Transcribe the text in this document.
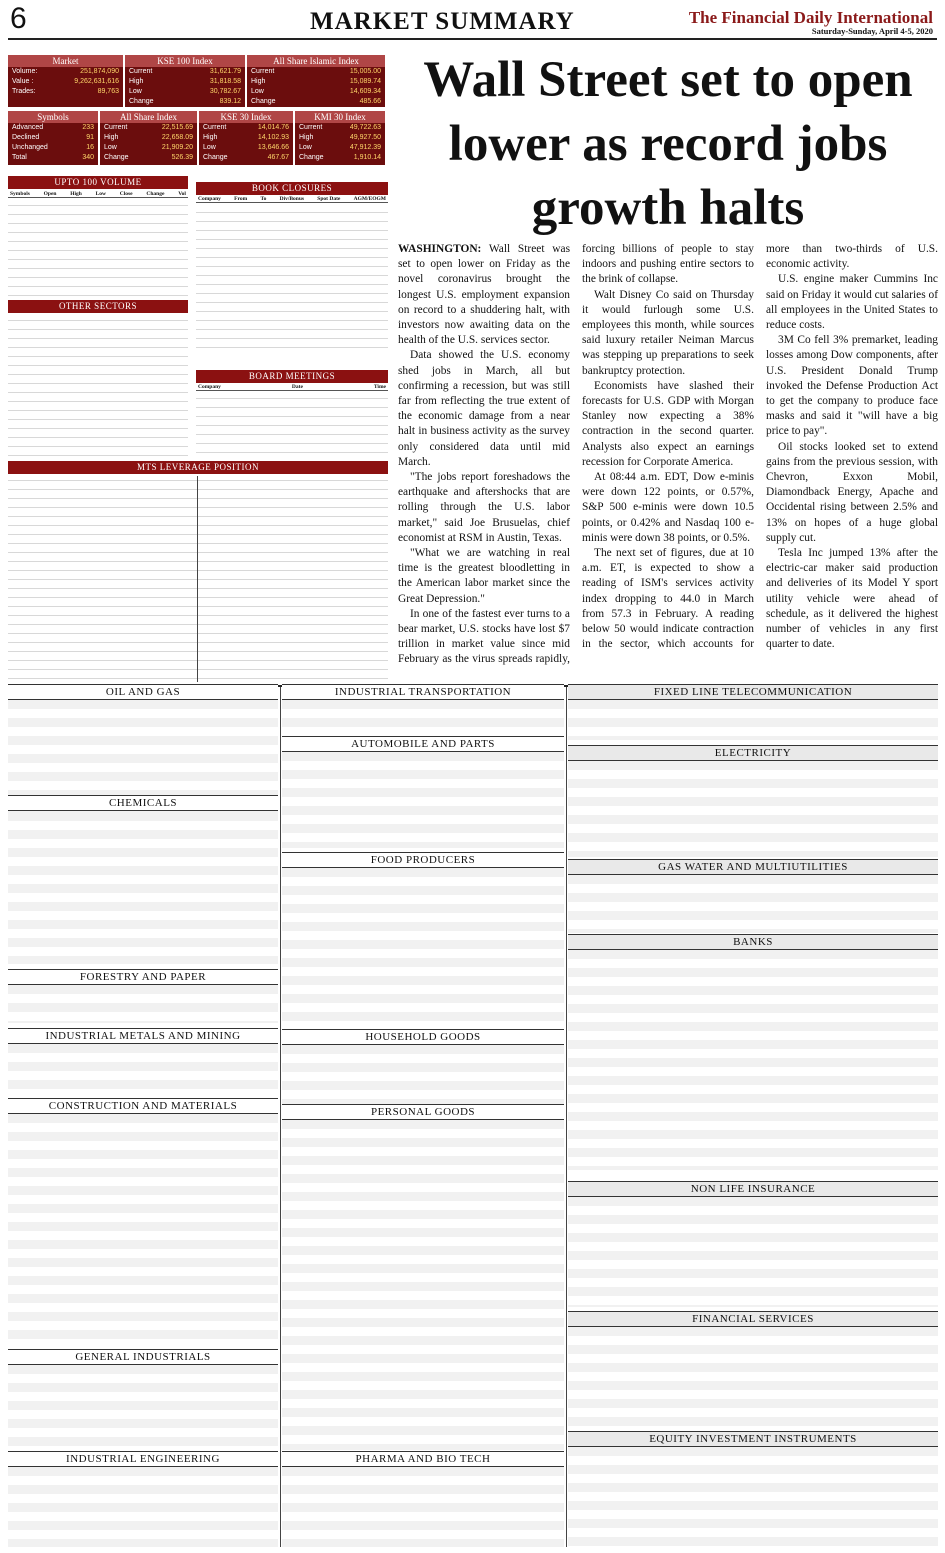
6	MARKET SUMMARY	The Financial Daily International
Saturday-Sunday, April 4-5, 2020
Market
Volume:	251,874,090
Value :	9,262,631,616
Trades:	89,763
KSE 100 Index
Current	31,621.79
High	31,818.58
Low	30,782.67
Change	839.12
All Share Islamic Index
Current	15,005.00
High	15,089.74
Low	14,609.34
Change	485.66
Symbols
Advanced	233
Declined	91
Unchanged	16
Total	340
All Share Index
Current	22,515.69
High	22,658.09
Low	21,909.20
Change	526.39
KSE 30 Index
Current	14,014.76
High	14,102.93
Low	13,646.66
Change	467.67
KMI 30 Index
Current	49,722.63
High	49,927.50
Low	47,912.39
Change	1,910.14
UPTO 100 VOLUME
Symbols	Open	High	Low	Close	Change	Vol
OTHER SECTORS
BOOK CLOSURES
Company From To Div/Bonus Spot Date AGM/EOGM
BOARD MEETINGS
Company	Date	Time
MTS LEVERAGE POSITION
Wall Street set to open lower as record jobs growth halts

WASHINGTON: Wall Street was set to open lower on Friday as the novel coronavirus brought the longest U.S. employment expansion on record to a shuddering halt, with investors now awaiting data on the health of the U.S. services sector.

Data showed the U.S. economy shed jobs in March, all but confirming a recession, but was still far from reflecting the true extent of the economic damage from a near halt in business activity as the survey only considered data until mid March.

"The jobs report foreshadows the earthquake and aftershocks that are rolling through the U.S. labor market," said Joe Brusuelas, chief economist at RSM in Austin, Texas.

"What we are watching in real time is the greatest bloodletting in the American labor market since the Great Depression."

In one of the fastest ever turns to a bear market, U.S. stocks have lost $7 trillion in market value since mid February as the virus spreads rapidly, forcing billions of people to stay indoors and pushing entire sectors to the brink of collapse.

Walt Disney Co said on Thursday it would furlough some U.S. employees this month, while sources said luxury retailer Neiman Marcus was stepping up preparations to seek bankruptcy protection.

Economists have slashed their forecasts for U.S. GDP with Morgan Stanley now expecting a 38% contraction in the second quarter. Analysts also expect an earnings recession for Corporate America.

At 08:44 a.m. EDT, Dow e-minis were down 122 points, or 0.57%, S&P 500 e-minis were down 10.5 points, or 0.42% and Nasdaq 100 e-minis were down 38 points, or 0.5%.

The next set of figures, due at 10 a.m. ET, is expected to show a reading of ISM's services activity index dropping to 44.0 in March from 57.3 in February. A reading below 50 would indicate contraction in the sector, which accounts for more than two-thirds of U.S. economic activity.

U.S. engine maker Cummins Inc said on Friday it would cut salaries of all employees in the United States to reduce costs.

3M Co fell 3% premarket, leading losses among Dow components, after U.S. President Donald Trump invoked the Defense Production Act to get the company to produce face masks and said it "will have a big price to pay".

Oil stocks looked set to extend gains from the previous session, with Chevron, Exxon Mobil, Diamondback Energy, Apache and Occidental rising between 2.5% and 13% on hopes of a huge global supply cut.

Tesla Inc jumped 13% after the electric-car maker said production and deliveries of its Model Y sport utility vehicle were ahead of schedule, as it delivered the highest number of vehicles in any first quarter to date.

OIL AND GAS
CHEMICALS
FORESTRY AND PAPER
INDUSTRIAL METALS AND MINING
CONSTRUCTION AND MATERIALS
GENERAL INDUSTRIALS
INDUSTRIAL ENGINEERING
INDUSTRIAL TRANSPORTATION
AUTOMOBILE AND PARTS
FOOD PRODUCERS
HOUSEHOLD GOODS
PERSONAL GOODS
PHARMA AND BIO TECH
FIXED LINE TELECOMMUNICATION
ELECTRICITY
GAS WATER AND MULTIUTILITIES
BANKS
NON LIFE INSURANCE
FINANCIAL SERVICES
EQUITY INVESTMENT INSTRUMENTS
